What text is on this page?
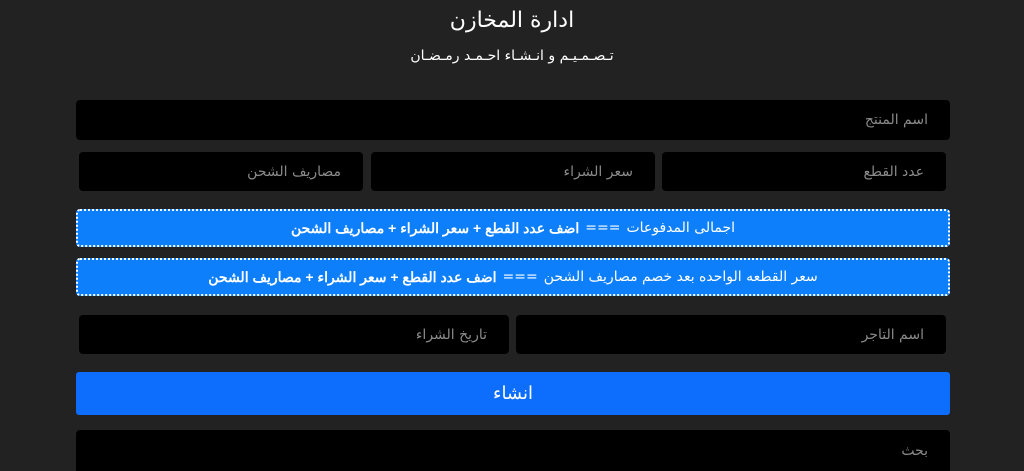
ادارة المخازن
تـصـمـيـم و انـشـاء احـمـد رمـضـان
اسم المنتج
عدد القطع
سعر الشراء
مصاريف الشحن
اجمالى المدفوعات
===
اضف عدد القطع + سعر الشراء + مصاريف الشحن
سعر القطعه الواحده بعد خصم مصاريف الشحن
===
اضف عدد القطع + سعر الشراء + مصاريف الشحن
اسم التاجر
تاريخ الشراء
انشاء
بحث
